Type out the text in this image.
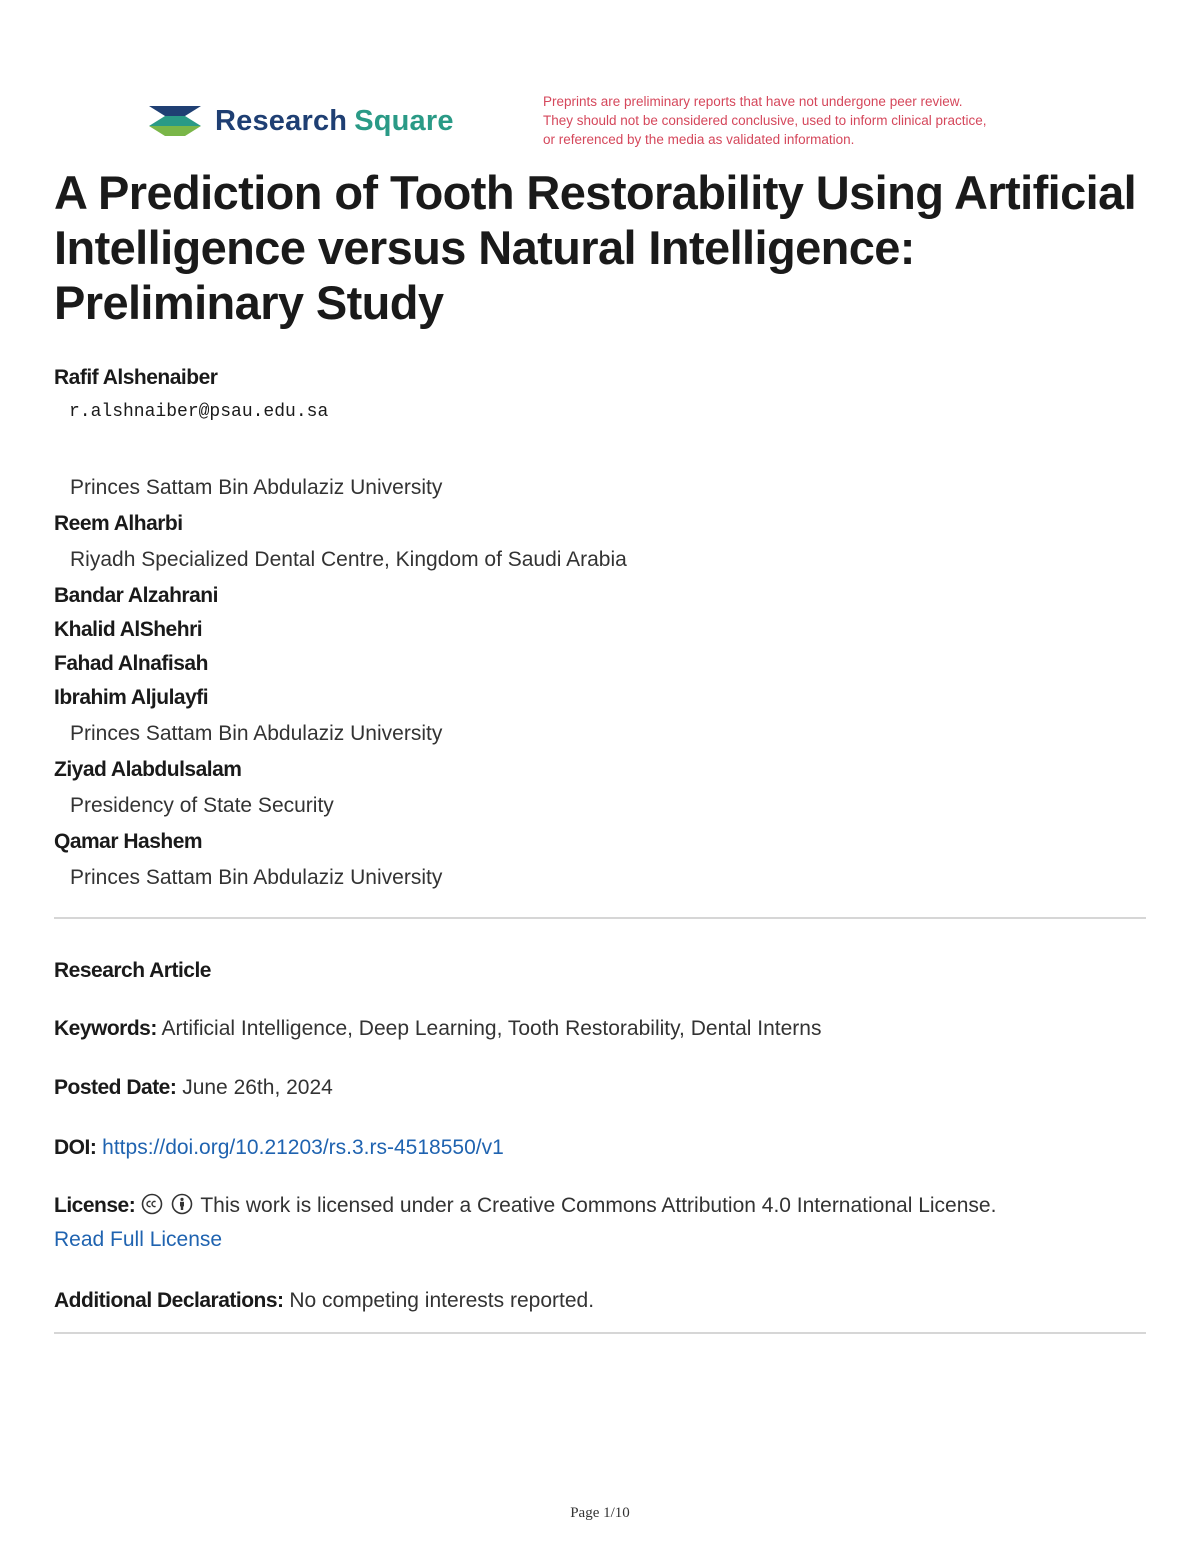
Research Square
Preprints are preliminary reports that have not undergone peer review.
They should not be considered conclusive, used to inform clinical practice,
or referenced by the media as validated information.
A Prediction of Tooth Restorability Using Artificial Intelligence versus Natural Intelligence: Preliminary Study
Rafif Alshenaiber
r.alshnaiber@psau.edu.sa
Princes Sattam Bin Abdulaziz University
Reem Alharbi
Riyadh Specialized Dental Centre, Kingdom of Saudi Arabia
Bandar Alzahrani
Khalid AlShehri
Fahad Alnafisah
Ibrahim Aljulayfi
Princes Sattam Bin Abdulaziz University
Ziyad Alabdulsalam
Presidency of State Security
Qamar Hashem
Princes Sattam Bin Abdulaziz University
Research Article
Keywords: Artificial Intelligence, Deep Learning, Tooth Restorability, Dental Interns
Posted Date: June 26th, 2024
DOI: https://doi.org/10.21203/rs.3.rs-4518550/v1
License:	This work is licensed under a Creative Commons Attribution 4.0 International License.
Read Full License
Additional Declarations: No competing interests reported.
Page 1/10
